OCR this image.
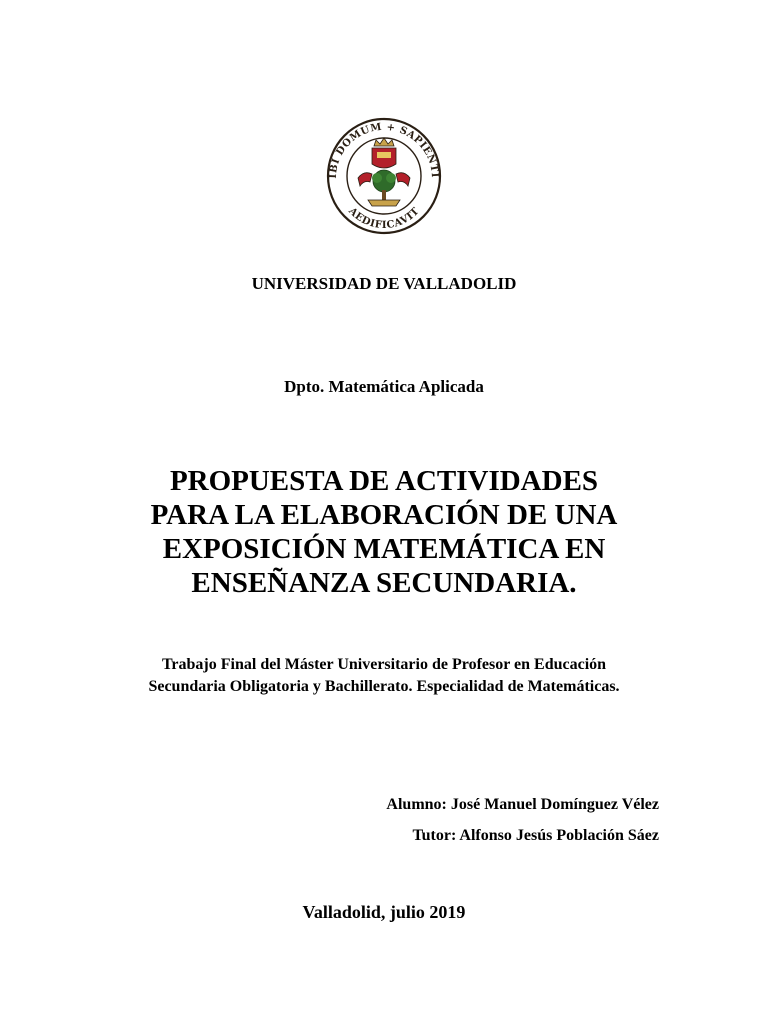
IBI DOMUM + SAPIENTI
AEDIFICAVIT

UNIVERSIDAD DE VALLADOLID

Dpto. Matemática Aplicada

PROPUESTA DE ACTIVIDADES
PARA LA ELABORACIÓN DE UNA
EXPOSICIÓN MATEMÁTICA EN
ENSEÑANZA SECUNDARIA.
Trabajo Final del Máster Universitario de Profesor en Educación
Secundaria Obligatoria y Bachillerato. Especialidad de Matemáticas.
Alumno: José Manuel Domínguez Vélez
Tutor: Alfonso Jesús Población Sáez

Valladolid, julio 2019
